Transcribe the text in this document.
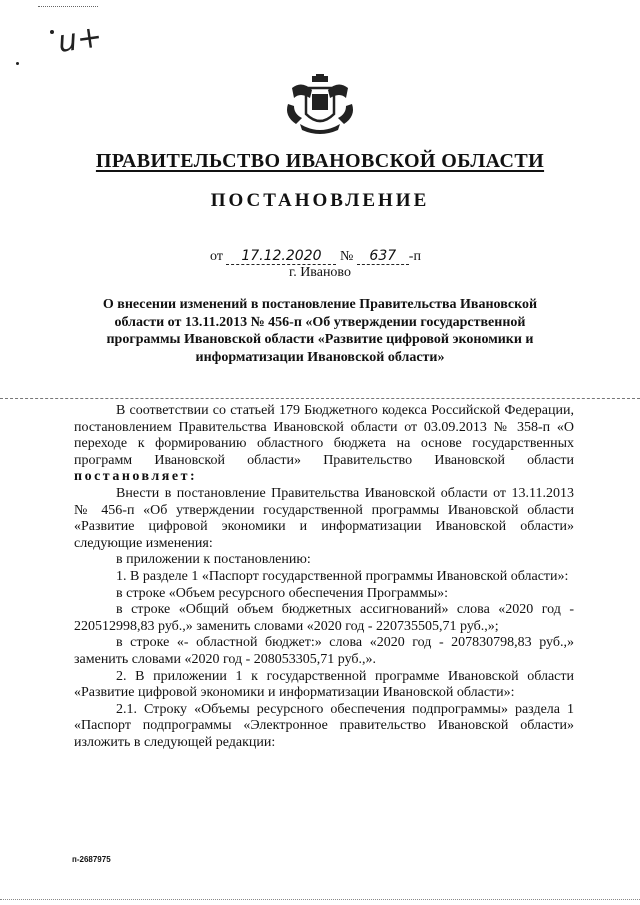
u+
ПРАВИТЕЛЬСТВО ИВАНОВСКОЙ ОБЛАСТИ
ПОСТАНОВЛЕНИЕ
от 17.12.2020 № 637 -п
г. Иваново
О внесении изменений в постановление Правительства Ивановской области от 13.11.2013 № 456-п «Об утверждении государственной программы Ивановской области «Развитие цифровой экономики и информатизации Ивановской области»

В соответствии со статьей 179 Бюджетного кодекса Российской Федерации, постановлением Правительства Ивановской области от 03.09.2013 № 358-п «О переходе к формированию областного бюджета на основе государственных программ Ивановской области» Правительство Ивановской области постановляет:

Внести в постановление Правительства Ивановской области от 13.11.2013 № 456-п «Об утверждении государственной программы Ивановской области «Развитие цифровой экономики и информатизации Ивановской области» следующие изменения:

в приложении к постановлению:

1. В разделе 1 «Паспорт государственной программы Ивановской области»:

в строке «Объем ресурсного обеспечения Программы»:

в строке «Общий объем бюджетных ассигнований» слова «2020 год - 220512998,83 руб.,» заменить словами «2020 год - 220735505,71 руб.,»;

в строке «- областной бюджет:» слова «2020 год - 207830798,83 руб.,» заменить словами «2020 год - 208053305,71 руб.,».

2. В приложении 1 к государственной программе Ивановской области «Развитие цифровой экономики и информатизации Ивановской области»:

2.1. Строку «Объемы ресурсного обеспечения подпрограммы» раздела 1 «Паспорт подпрограммы «Электронное правительство Ивановской области» изложить в следующей редакции:

п-2687975
